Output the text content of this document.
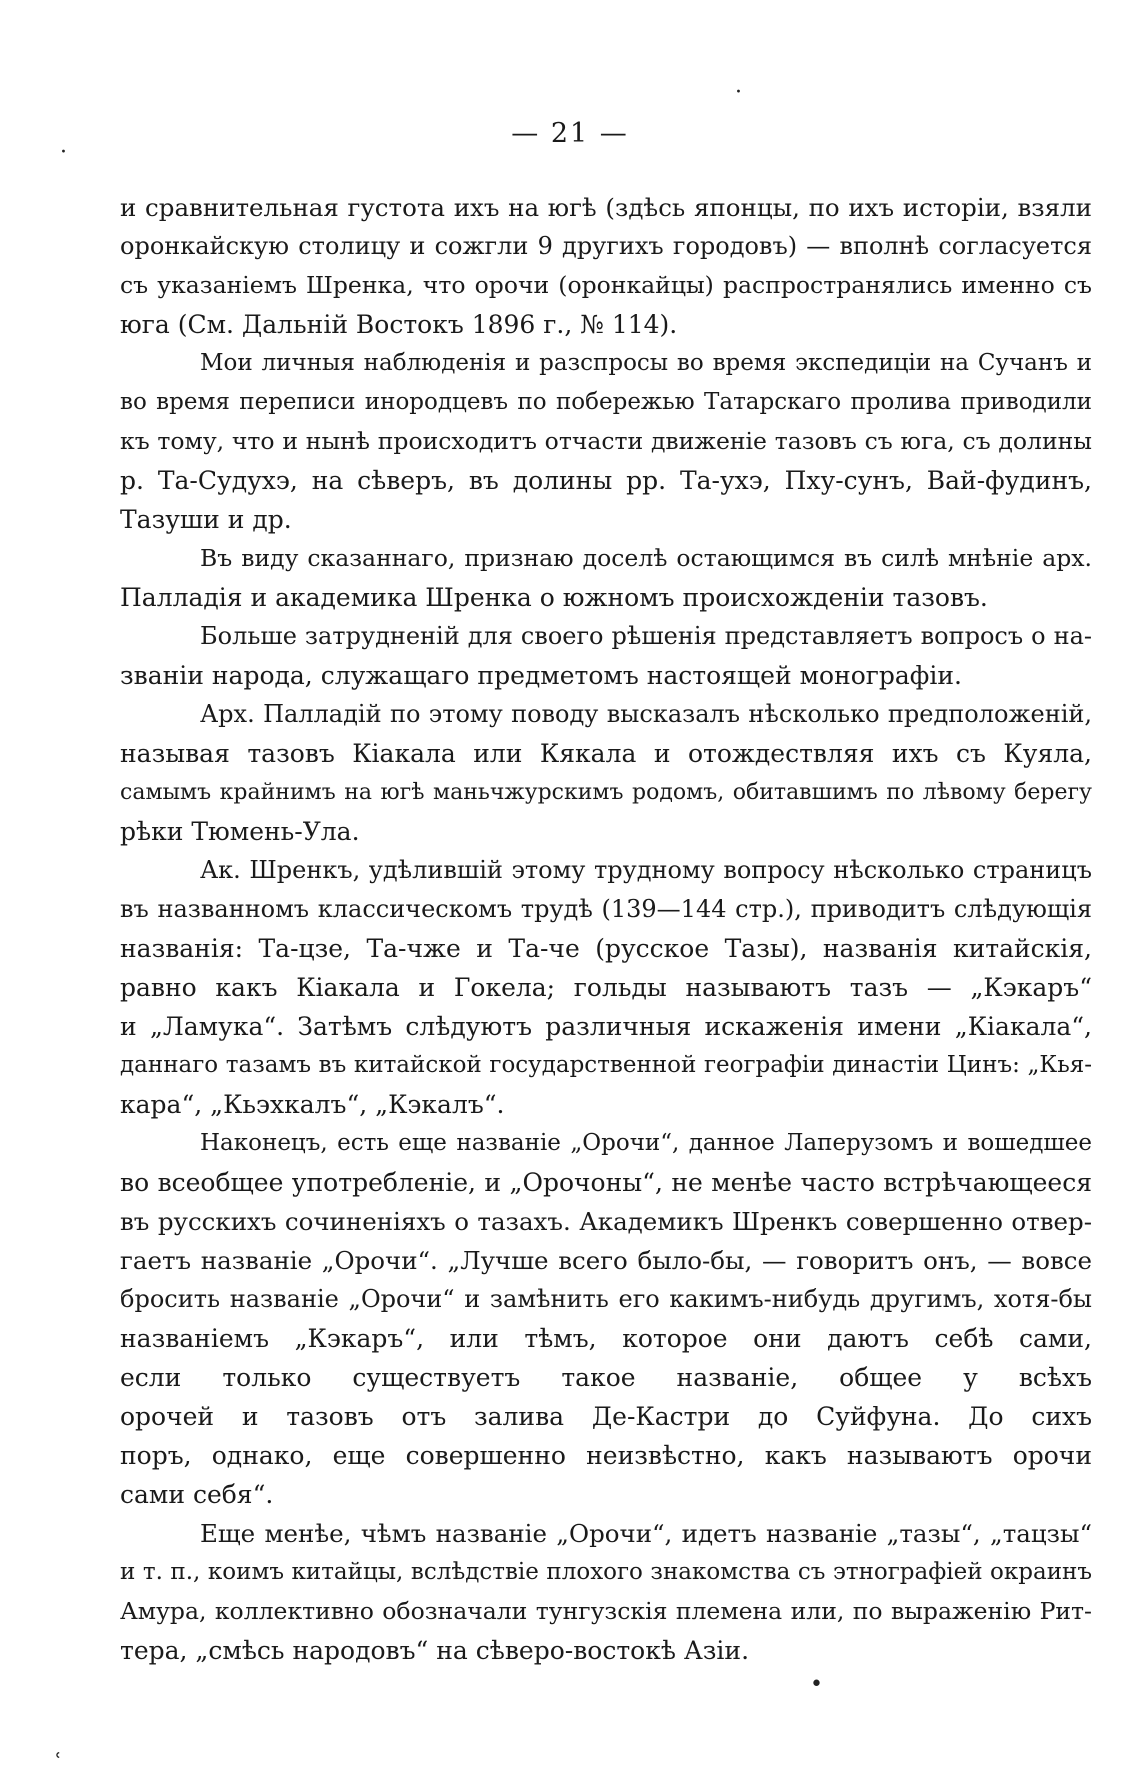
— 21 —
·
·
и сравнительная густота ихъ на югѣ (здѣсь японцы, по ихъ исторіи, взяли
оронкайскую столицу и сожгли 9 другихъ городовъ) — вполнѣ согласуется
съ указаніемъ Шренка, что орочи (оронкайцы) распространялись именно съ
юга (См. Дальній Востокъ 1896 г., № 114).
Мои личныя наблюденія и разспросы во время экспедиціи на Сучанъ и
во время переписи инородцевъ по побережью Татарскаго пролива приводили
къ тому, что и нынѣ происходитъ отчасти движеніе тазовъ съ юга, съ долины
р. Та-Судухэ, на сѣверъ, въ долины рр. Та-ухэ, Пху-сунъ, Вай-фудинъ,
Тазуши и др.
Въ виду сказаннаго, признаю доселѣ остающимся въ силѣ мнѣніе арх.
Палладія и академика Шренка о южномъ происхожденіи тазовъ.
Больше затрудненій для своего рѣшенія представляетъ вопросъ о на-
званіи народа, служащаго предметомъ настоящей монографіи.
Арх. Палладій по этому поводу высказалъ нѣсколько предположеній,
называя тазовъ Кіакала или Кякала и отождествляя ихъ съ Куяла,
самымъ крайнимъ на югѣ маньчжурскимъ родомъ, обитавшимъ по лѣвому берегу
рѣки Тюмень-Ула.
Ак. Шренкъ, удѣлившій этому трудному вопросу нѣсколько страницъ
въ названномъ классическомъ трудѣ (139—144 стр.), приводитъ слѣдующія
названія: Та-цзе, Та-чже и Та-че (русское Тазы), названія китайскія,
равно какъ Кіакала и Гокела; гольды называютъ тазъ — „Кэкаръ“
и „Ламука“. Затѣмъ слѣдуютъ различныя искаженія имени „Кіакала“,
даннаго тазамъ въ китайской государственной географіи династіи Цинъ: „Кья-
кара“, „Кьэхкалъ“, „Кэкалъ“.
Наконецъ, есть еще названіе „Орочи“, данное Лаперузомъ и вошедшее
во всеобщее употребленіе, и „Орочоны“, не менѣе часто встрѣчающееся
въ русскихъ сочиненіяхъ о тазахъ. Академикъ Шренкъ совершенно отвер-
гаетъ названіе „Орочи“. „Лучше всего было-бы, — говоритъ онъ, — вовсе
бросить названіе „Орочи“ и замѣнить его какимъ-нибудь другимъ, хотя-бы
названіемъ „Кэкаръ“, или тѣмъ, которое они даютъ себѣ сами,
если только существуетъ такое названіе, общее у всѣхъ
орочей и тазовъ отъ залива Де-Кастри до Суйфуна. До сихъ
поръ, однако, еще совершенно неизвѣстно, какъ называютъ орочи
сами себя“.
Еще менѣе, чѣмъ названіе „Орочи“, идетъ названіе „тазы“, „тацзы“
и т. п., коимъ китайцы, вслѣдствіе плохого знакомства съ этнографіей окраинъ
Амура, коллективно обозначали тунгузскія племена или, по выраженію Рит-
тера, „смѣсь народовъ“ на сѣверо-востокѣ Азіи.
•
ʿ
